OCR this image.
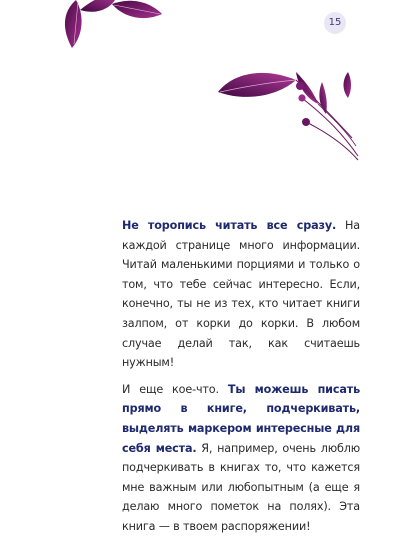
15

Не торопись читать все сразу. На каждой странице много информации. Читай маленькими порциями и только о том, что тебе сейчас интересно. Если, конечно, ты не из тех, кто читает книги залпом, от корки до корки. В любом случае делай так, как считаешь нужным!

И еще кое-что. Ты можешь писать прямо в книге, подчеркивать, выделять маркером интересные для себя места. Я, например, очень люблю подчеркивать в книгах то, что кажется мне важным или любопытным (а еще я делаю много пометок на полях). Эта книга — в твоем распоряжении!
